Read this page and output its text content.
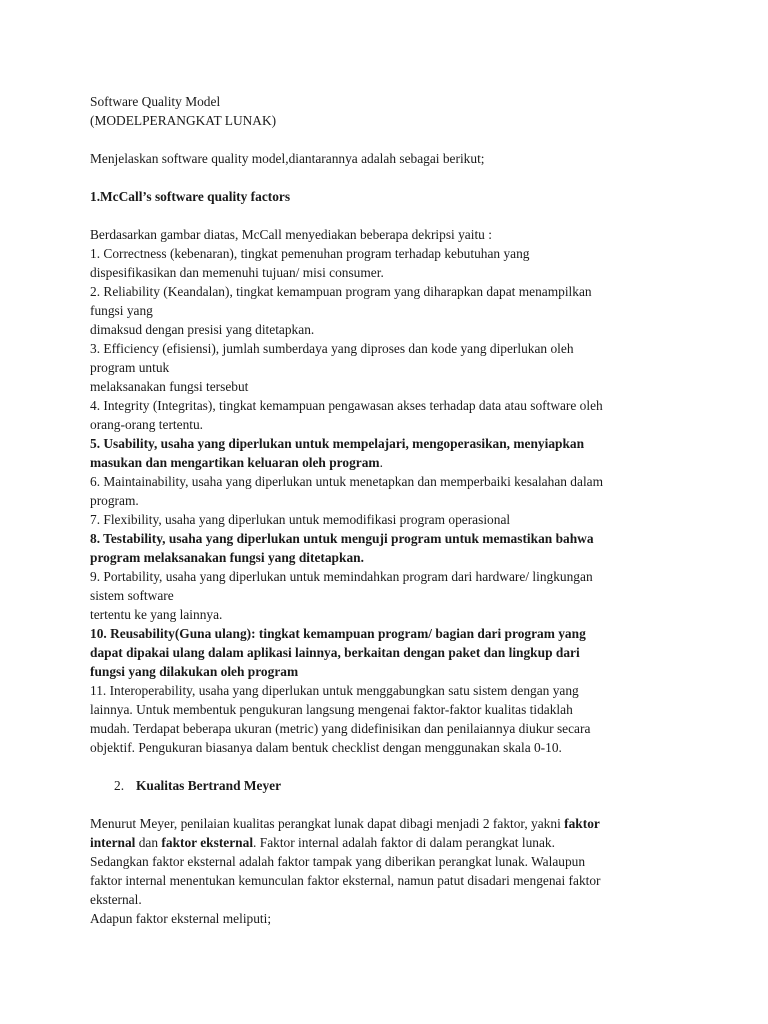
Software Quality Model
(MODELPERANGKAT LUNAK)
Menjelaskan software quality model,diantarannya adalah sebagai berikut;
1.McCall’s software quality factors
Berdasarkan gambar diatas, McCall menyediakan beberapa dekripsi yaitu :
1. Correctness (kebenaran), tingkat pemenuhan program terhadap kebutuhan yang
dispesifikasikan dan memenuhi tujuan/ misi consumer.
2. Reliability (Keandalan), tingkat kemampuan program yang diharapkan dapat menampilkan
fungsi yang
dimaksud dengan presisi yang ditetapkan.
3. Efficiency (efisiensi), jumlah sumberdaya yang diproses dan kode yang diperlukan oleh
program untuk
melaksanakan fungsi tersebut
4. Integrity (Integritas), tingkat kemampuan pengawasan akses terhadap data atau software oleh
orang-orang tertentu.
5. Usability, usaha yang diperlukan untuk mempelajari, mengoperasikan, menyiapkan
masukan dan mengartikan keluaran oleh program.
6. Maintainability, usaha yang diperlukan untuk menetapkan dan memperbaiki kesalahan dalam
program.
7. Flexibility, usaha yang diperlukan untuk memodifikasi program operasional
8. Testability, usaha yang diperlukan untuk menguji program untuk memastikan bahwa
program melaksanakan fungsi yang ditetapkan.
9. Portability, usaha yang diperlukan untuk memindahkan program dari hardware/ lingkungan
sistem software
tertentu ke yang lainnya.
10. Reusability(Guna ulang): tingkat kemampuan program/ bagian dari program yang
dapat dipakai ulang dalam aplikasi lainnya, berkaitan dengan paket dan lingkup dari
fungsi yang dilakukan oleh program
11. Interoperability, usaha yang diperlukan untuk menggabungkan satu sistem dengan yang
lainnya. Untuk membentuk pengukuran langsung mengenai faktor-faktor kualitas tidaklah
mudah. Terdapat beberapa ukuran (metric) yang didefinisikan dan penilaiannya diukur secara
objektif. Pengukuran biasanya dalam bentuk checklist dengan menggunakan skala 0-10.
2. Kualitas Bertrand Meyer
Menurut Meyer, penilaian kualitas perangkat lunak dapat dibagi menjadi 2 faktor, yakni faktor
internal dan faktor eksternal. Faktor internal adalah faktor di dalam perangkat lunak.
Sedangkan faktor eksternal adalah faktor tampak yang diberikan perangkat lunak. Walaupun
faktor internal menentukan kemunculan faktor eksternal, namun patut disadari mengenai faktor
eksternal.
Adapun faktor eksternal meliputi;
